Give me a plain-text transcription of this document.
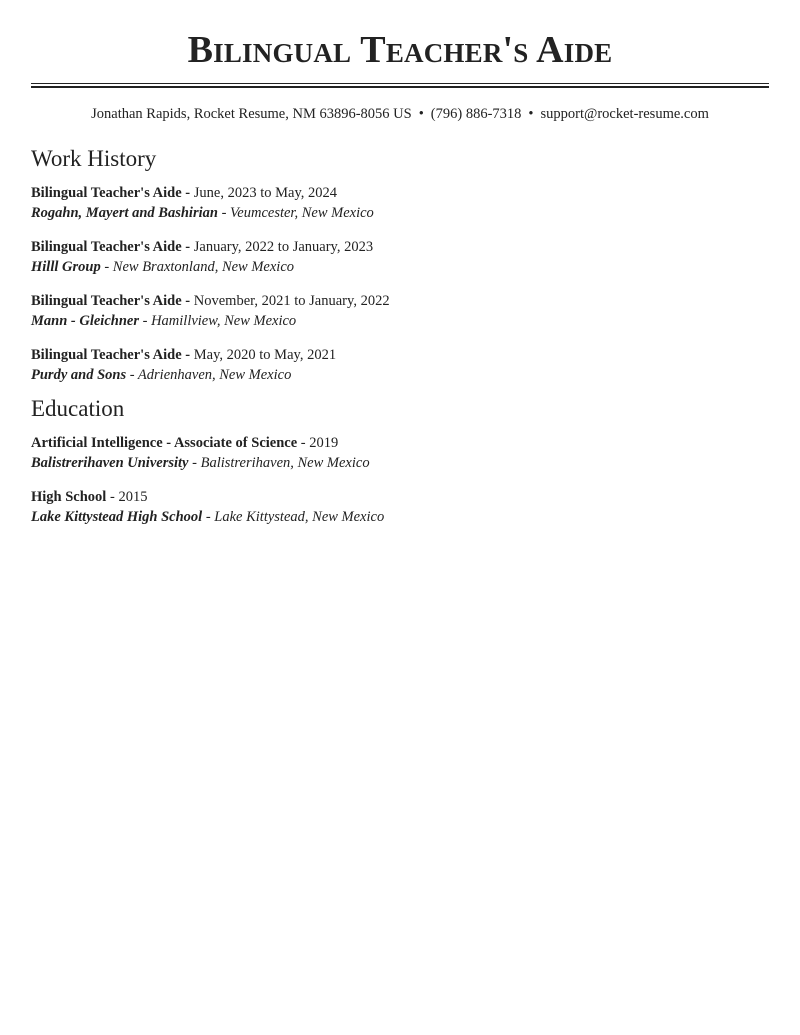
Bilingual Teacher's Aide
Jonathan Rapids, Rocket Resume, NM 63896-8056 US • (796) 886-7318 • support@rocket-resume.com
Work History
Bilingual Teacher's Aide - June, 2023 to May, 2024
Rogahn, Mayert and Bashirian - Veumcester, New Mexico
Bilingual Teacher's Aide - January, 2022 to January, 2023
Hilll Group - New Braxtonland, New Mexico
Bilingual Teacher's Aide - November, 2021 to January, 2022
Mann - Gleichner - Hamillview, New Mexico
Bilingual Teacher's Aide - May, 2020 to May, 2021
Purdy and Sons - Adrienhaven, New Mexico
Education
Artificial Intelligence - Associate of Science - 2019
Balistrerihaven University - Balistrerihaven, New Mexico
High School - 2015
Lake Kittystead High School - Lake Kittystead, New Mexico
